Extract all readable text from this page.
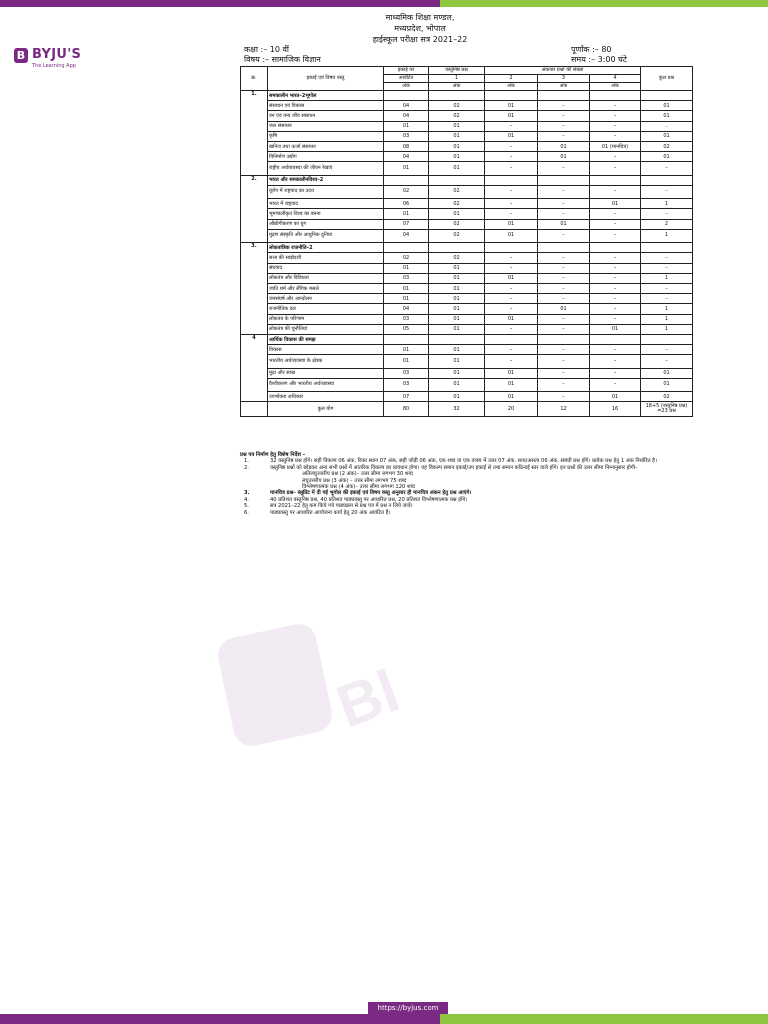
B BYJU'S
The Learning App
Bl
माध्यमिक शिक्षा मण्डल, मध्यप्रदेश, भोपाल
हाईस्कूल परीक्षा सत्र 2021–22
कक्षा :– 10 वीं
विषय :– सामाजिक विज्ञान
पूर्णांक :– 80
समय :– 3:00 घंटे
क्र.	इकाई एवं विषय वस्तु	इकाई पर	वस्तुनिष्ठ प्रश्न	अंकवार प्रश्नों की संख्या			कुल प्रश्न
		आवंटित	1	2	3	4	
		अंक	अंक	अंक	अंक	अंक	
1.	समकालीन भारत–2भूगोल						
	संसाधन एवं विकास	04	02	01	–	–	01
	वन एवं वन्य जीव संसाधन	04	02	01	–	–	01
	जल संसाधन	01	01	–	–	–	..
	कृषि	03	01	01	–	–	01
	खनिज तथा ऊर्जा संसाधन	08	01	–	01	01 (मानचित्र)	02
	विनिर्माण उद्योग	04	01	–	01	–	01
	राष्ट्रीय अर्थव्यवस्था की जीवन रेखाएं	01	01	–	–	–	–
2.	भारत और समकालीनविश्व–2						
	यूरोप में राष्ट्रवाद का उदय	02	02	–	–	–	–
	भारत में राष्ट्रवाद	06	02	–	–	01	1
	भूमण्डलीकृत विश्व का बनना	01	01	–	–	–	–
	औद्योगीकरण का युग	07	02	01	01	–	2
	मुद्रण संस्कृति और आधुनिक दुनिया	04	02	01	–	–	1
3.	लोकतांत्रिक राजनीति–2						
	सत्ता की साझेदारी	02	02	–	–	–	–
	संघवाद	01	01	–	–	–	–
	लोकतंत्र और विविधता	03	01	01	–	–	1
	जाति धर्म और लैंगिक मसले	01	01	–	–	–	–
	जनसंघर्ष और आन्दोलन	01	01	–	–	–	–
	राजनीतिक दल	04	01	–	01	–	1
	लोकतंत्र के परिणाम	03	01	01	–	–	1
	लोकतंत्र की चुनौतियां	05	01	–	–	01	1
4	आर्थिक विकास की समझ						
	विकास	01	01	–	–	–	–
	भारतीय अर्थव्यवस्था के क्षेत्रक	01	01	–	–	–	–
	मुद्रा और साख	03	01	01	–	–	01
	वैश्वीकरण और भारतीय अर्थव्यवस्था	03	01	01	–	–	01
	उपभोक्ता अधिकार	07	01	01	–	01	02
	कुल योग	80	32	20	12	16	18+5 (वस्तुनिष्ठ प्रश्न) =23 प्रश्न
प्रश्न पत्र निर्माण हेतु विशेष निर्देश –
1.	32 वस्तुनिष्ठ प्रश्न होंगे। सही विकल्प 06 अंक, रिक्त स्थान 07 अंक, सही जोड़ी 06 अंक, एक शब्द या एक वाक्य में उत्तर 07 अंक, सत्य/असत्य 06 अंक, संबंधी प्रश्न होंगे। प्रत्येक प्रश्न हेतु 1 अंक निर्धारित है।
2.	वस्तुनिष्ठ प्रश्नों को छोड़कर अन्य सभी प्रश्नों में आंतरिक विकल्प का प्रावधान होगा। यह विकल्प समान इकाई/उप इकाई से तथा समान कठिनाई स्तर वाले होंगे। इन प्रश्नों की उत्तर सीमा निम्नानुसार होगी–
अतिलघुउत्तरीय प्रश्न (2 अंक)– उत्तर सीमा लगभग 30 शब्द
लघुउत्तरीय प्रश्न (3 अंक) – उत्तर सीमा लगभग 75 शब्द
विश्लेषणात्मक प्रश्न (4 अंक)– उत्तर सीमा लगभग 120 शब्द
3.	मानचित्र प्रश्न– ब्लूप्रिंट में दी गई भूगोल की इकाई एवं विषय वस्तु अनुसार ही मानचित्र अंकन हेतु प्रश्न आएंगे।
4.	40 प्रतिशत वस्तुनिष्ठ प्रश्न, 40 प्रतिशत पाठ्यवस्तु पर आधारित प्रश्न, 20 प्रतिशत विश्लेषणात्मक प्रश्न होंगे।
5.	सत्र 2021–22 हेतु कम किये गये पाठ्यक्रम से प्रश्न पत्र में प्रश्न न लिये जावें।
6.	पाठ्यवस्तु पर आधारित आयोजना कार्य हेतु 20 अंक आवंटित हैं।
https://byjus.com
